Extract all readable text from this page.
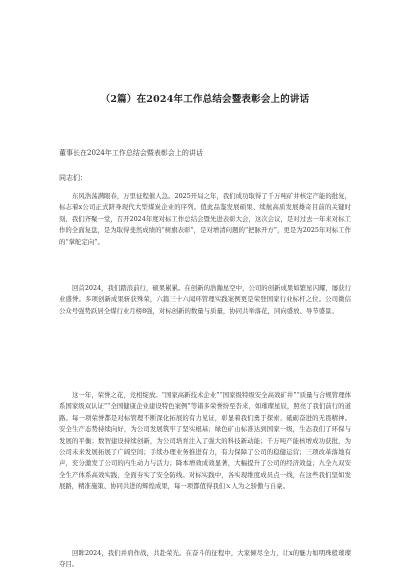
（2篇）在2024年工作总结会暨表彰会上的讲话
董事长在2024年工作总结会暨表彰会上的讲话
同志们：

东风浩荡满眼春，万里征程催人急。2025开局之年，我们成功取得了千万吨矿井核定产能的批复，标志着x公司正式跻身现代大型煤炭企业的序列。值此品鉴发展硕果、续航高质发展雄奇目前的关键时刻，我们齐聚一堂，召开2024年度对标工作总结会暨先进表彰大会，这次会议，是对过去一年来对标工作的全面复盘，是为取得斐然成绩的“树旗表彰”，是对增清问题的“把脉开方”，更是为2025年对标工作的“掌舵定向”。

回首2024，我们踏浪前行，硕果累累。在创新的浩瀚星空中，公司的创新成果如繁星闪耀，屡获行业盛誉。多项创新成果斩获殊荣，六篇三十六闻环管理实践案例更是荣登国家行业标杆之位。公司微信公众号强势跃居全煤行业月榜8强，对标创新的数量与质量，协同共举落花，同向盛放、导节盛景。

这一年，荣誉之花，竞相绽放。“国家高新技术企业”“国家级特级安全高效矿井”“质量与合规管理体系国家级双认证”“全国健康企业建设特色案例”等诸多荣誉纷至沓来，如璀璨星辰，照亮了我们前行的道路。每一项荣誉都是对标管理不断深化拓展的有力见证，彰显着我们勇于探索、砥砺奋进的无畏精神。安全生产态势持续向好，为公司发展筑牢了坚实根基；绿色矿山标准达到国家一级，生态我们了环保与发展的平衡；数智建设持续创新，为公司培育注入了强大的科技新动能；千万吨产能核增成功获批，为公司未来发展拓展了广阔空间；手续办理业务推进有力，有力保障了公司的稳健运营；三项改革落地有声，充分激发了公司的内生动力与活力；降本增效成效显著，大幅提升了公司的经济效益；九全九双安全生产体系高效实践，全面夯实了安全防线。对标实践中，各实现维度成员点一线，在这些我们坚如发展路，精准施策、协同共进的辉煌成果，每一项都值得我们ｘ人为之骄傲与自豪。

回眸2024，我们并肩作战，共赴荣光。在奋斗的征程中，大家倾尽全力，让x的魅力如明珠般璀璨夺目。
